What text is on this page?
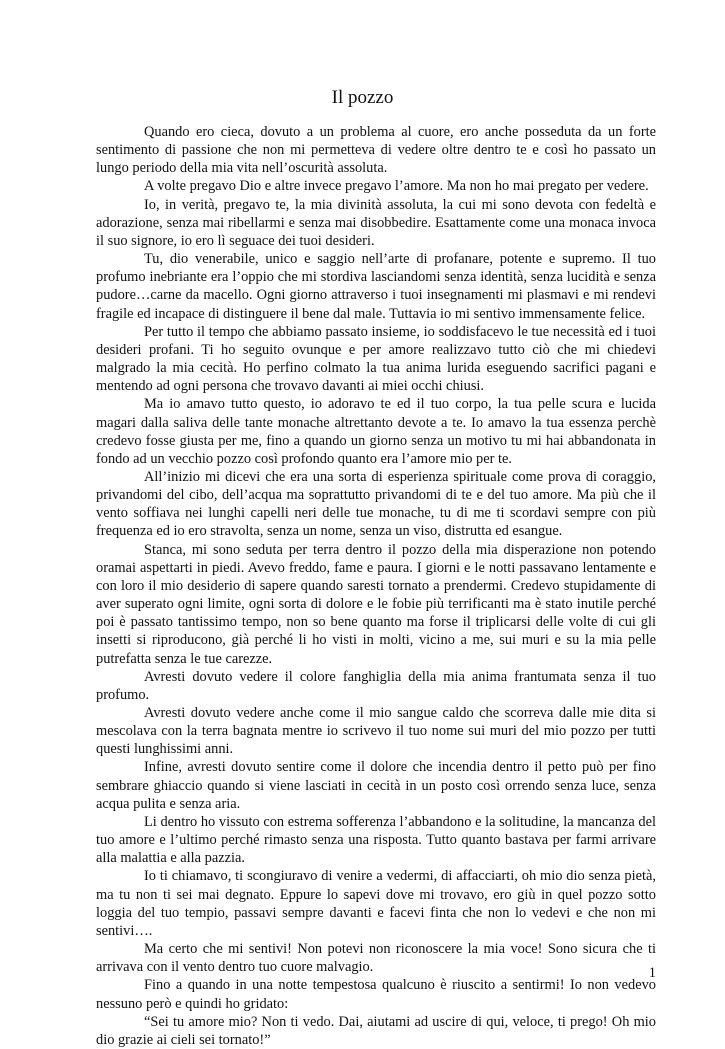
Il pozzo

Quando ero cieca, dovuto a un problema al cuore, ero anche posseduta da un forte sentimento di passione che non mi permetteva di vedere oltre dentro te e così ho passato un lungo periodo della mia vita nell’oscurità assoluta.

A volte pregavo Dio e altre invece pregavo l’amore. Ma non ho mai pregato per vedere.

Io, in verità, pregavo te, la mia divinità assoluta, la cui mi sono devota con fedeltà e adorazione, senza mai ribellarmi e senza mai disobbedire. Esattamente come una monaca invoca il suo signore, io ero lì seguace dei tuoi desideri.

Tu, dio venerabile, unico e saggio nell’arte di profanare, potente e supremo. Il tuo profumo inebriante era l’oppio che mi stordiva lasciandomi senza identità, senza lucidità e senza pudore…carne da macello. Ogni giorno attraverso i tuoi insegnamenti mi plasmavi e mi rendevi fragile ed incapace di distinguere il bene dal male. Tuttavia io mi sentivo immensamente felice.

Per tutto il tempo che abbiamo passato insieme, io soddisfacevo le tue necessità ed i tuoi desideri profani. Ti ho seguito ovunque e per amore realizzavo tutto ciò che mi chiedevi malgrado la mia cecità. Ho perfino colmato la tua anima lurida eseguendo sacrifici pagani e mentendo ad ogni persona che trovavo davanti ai miei occhi chiusi.

Ma io amavo tutto questo, io adoravo te ed il tuo corpo, la tua pelle scura e lucida magari dalla saliva delle tante monache altrettanto devote a te. Io amavo la tua essenza perchè credevo fosse giusta per me, fino a quando un giorno senza un motivo tu mi hai abbandonata in fondo ad un vecchio pozzo così profondo quanto era l’amore mio per te.

All’inizio mi dicevi che era una sorta di esperienza spirituale come prova di coraggio, privandomi del cibo, dell’acqua ma soprattutto privandomi di te e del tuo amore. Ma più che il vento soffiava nei lunghi capelli neri delle tue monache, tu di me ti scordavi sempre con più frequenza ed io ero stravolta, senza un nome, senza un viso, distrutta ed esangue.

Stanca, mi sono seduta per terra dentro il pozzo della mia disperazione non potendo oramai aspettarti in piedi. Avevo freddo, fame e paura. I giorni e le notti passavano lentamente e con loro il mio desiderio di sapere quando saresti tornato a prendermi. Credevo stupidamente di aver superato ogni limite, ogni sorta di dolore e le fobie più terrificanti ma è stato inutile perché poi è passato tantissimo tempo, non so bene quanto ma forse il triplicarsi delle volte di cui gli insetti si riproducono, già perché li ho visti in molti, vicino a me, sui muri e su la mia pelle putrefatta senza le tue carezze.

Avresti dovuto vedere il colore fanghiglia della mia anima frantumata senza il tuo profumo.

Avresti dovuto vedere anche come il mio sangue caldo che scorreva dalle mie dita si mescolava con la terra bagnata mentre io scrivevo il tuo nome sui muri del mio pozzo per tutti questi lunghissimi anni.

Infine, avresti dovuto sentire come il dolore che incendia dentro il petto può per fino sembrare ghiaccio quando si viene lasciati in cecità in un posto così orrendo senza luce, senza acqua pulita e senza aria.

Li dentro ho vissuto con estrema sofferenza l’abbandono e la solitudine, la mancanza del tuo amore e l’ultimo perché rimasto senza una risposta. Tutto quanto bastava per farmi arrivare alla malattia e alla pazzia.

Io ti chiamavo, ti scongiuravo di venire a vedermi, di affacciarti, oh mio dio senza pietà, ma tu non ti sei mai degnato. Eppure lo sapevi dove mi trovavo, ero giù in quel pozzo sotto loggia del tuo tempio, passavi sempre davanti e facevi finta che non lo vedevi e che non mi sentivi….

Ma certo che mi sentivi! Non potevi non riconoscere la mia voce! Sono sicura che ti arrivava con il vento dentro tuo cuore malvagio.

Fino a quando in una notte tempestosa qualcuno è riuscito a sentirmi! Io non vedevo nessuno però e quindi ho gridato:

“Sei tu amore mio? Non ti vedo. Dai, aiutami ad uscire di qui, veloce, ti prego! Oh mio dio grazie ai cieli sei tornato!”

1
